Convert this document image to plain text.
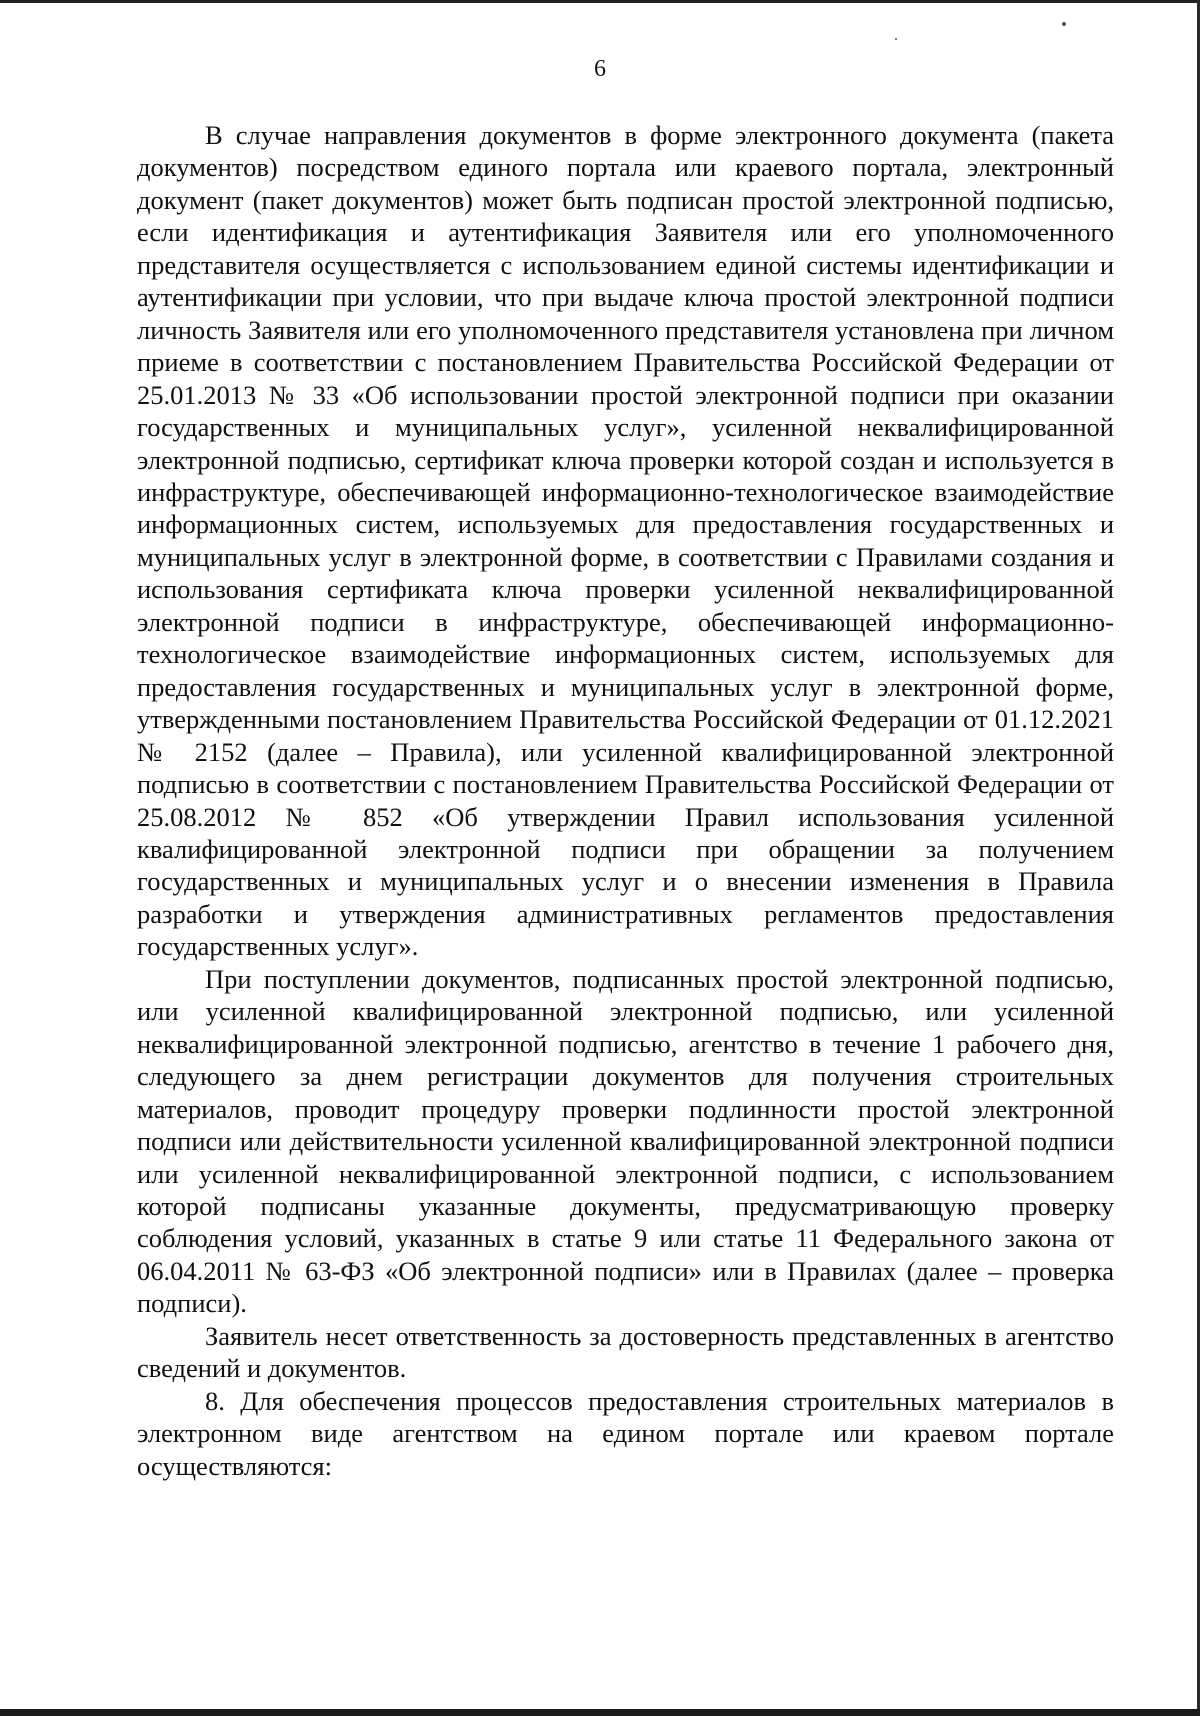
6

В случае направления документов в форме электронного документа (пакета документов) посредством единого портала или краевого портала, электронный документ (пакет документов) может быть подписан простой электронной подписью, если идентификация и аутентификация Заявителя или его уполномоченного представителя осуществляется с использованием единой системы идентификации и аутентификации при условии, что при выдаче ключа простой электронной подписи личность Заявителя или его уполномоченного представителя установлена при личном приеме в соответствии с постановлением Правительства Российской Федерации от 25.01.2013 № 33 «Об использовании простой электронной подписи при оказании государственных и муниципальных услуг», усиленной неквалифицированной электронной подписью, сертификат ключа проверки которой создан и используется в инфраструктуре, обеспечивающей информационно-технологическое взаимодействие информационных систем, используемых для предоставления государственных и муниципальных услуг в электронной форме, в соответствии с Правилами создания и использования сертификата ключа проверки усиленной неквалифицированной электронной подписи в инфраструктуре, обеспечивающей информационно-технологическое взаимодействие информационных систем, используемых для предоставления государственных и муниципальных услуг в электронной форме, утвержденными постановлением Правительства Российской Федерации от 01.12.2021 № 2152 (далее – Правила), или усиленной квалифицированной электронной подписью в соответствии с постановлением Правительства Российской Федерации от 25.08.2012 № 852 «Об утверждении Правил использования усиленной квалифицированной электронной подписи при обращении за получением государственных и муниципальных услуг и о внесении изменения в Правила разработки и утверждения административных регламентов предоставления государственных услуг».

При поступлении документов, подписанных простой электронной подписью, или усиленной квалифицированной электронной подписью, или усиленной неквалифицированной электронной подписью, агентство в течение 1 рабочего дня, следующего за днем регистрации документов для получения строительных материалов, проводит процедуру проверки подлинности простой электронной подписи или действительности усиленной квалифицированной электронной подписи или усиленной неквалифицированной электронной подписи, с использованием которой подписаны указанные документы, предусматривающую проверку соблюдения условий, указанных в статье 9 или статье 11 Федерального закона от 06.04.2011 № 63-ФЗ «Об электронной подписи» или в Правилах (далее – проверка подписи).

Заявитель несет ответственность за достоверность представленных в агентство сведений и документов.

8. Для обеспечения процессов предоставления строительных материалов в электронном виде агентством на едином портале или краевом портале осуществляются:
